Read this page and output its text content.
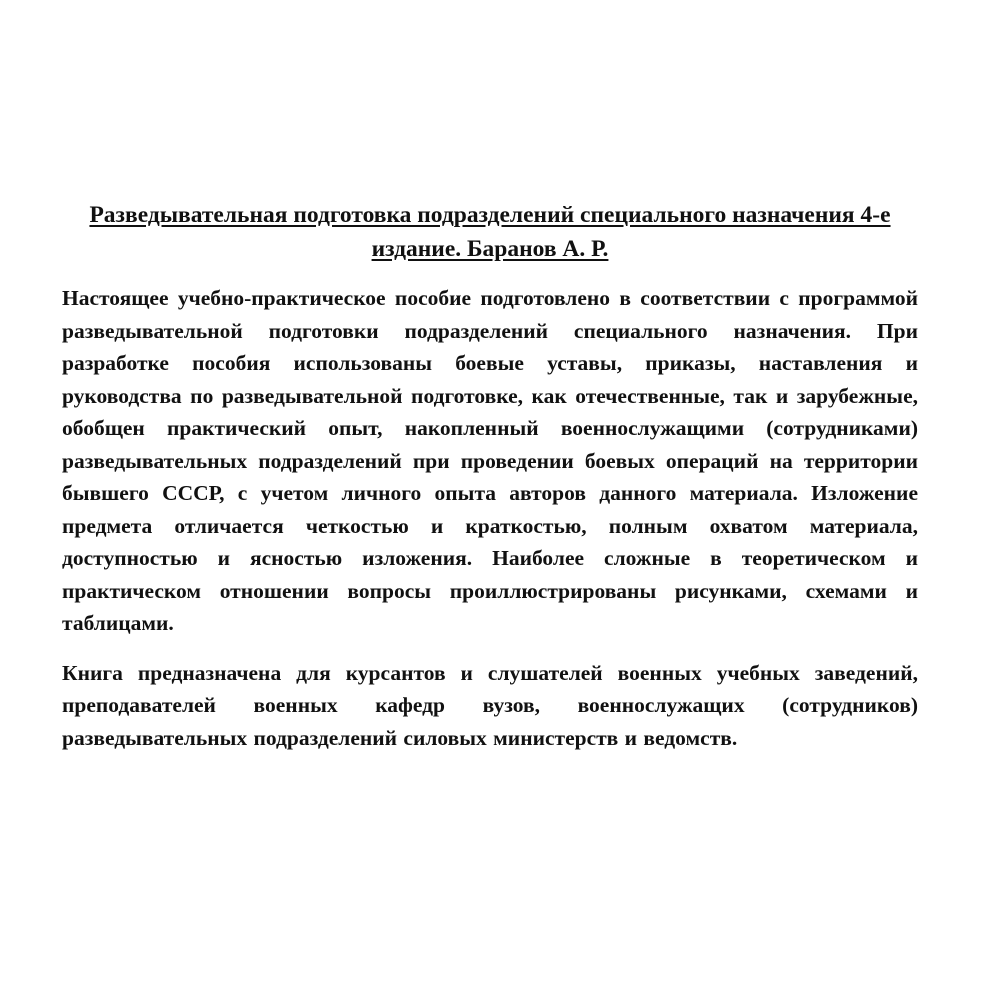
Разведывательная подготовка подразделений специального назначения 4-е издание. Баранов А. Р.

Настоящее учебно-практическое пособие подготовлено в соответствии с программой разведывательной подготовки подразделений специального назначения. При разработке пособия использованы боевые уставы, приказы, наставления и руководства по разведывательной подготовке, как отечественные, так и зарубежные, обобщен практический опыт, накопленный военнослужащими (сотрудниками) разведывательных подразделений при проведении боевых операций на территории бывшего СССР, с учетом личного опыта авторов данного материала. Изложение предмета отличается четкостью и краткостью, полным охватом материала, доступностью и ясностью изложения. Наиболее сложные в теоретическом и практическом отношении вопросы проиллюстрированы рисунками, схемами и таблицами.

Книга предназначена для курсантов и слушателей военных учебных заведений, преподавателей военных кафедр вузов, военнослужащих (сотрудников) разведывательных подразделений силовых министерств и ведомств.
